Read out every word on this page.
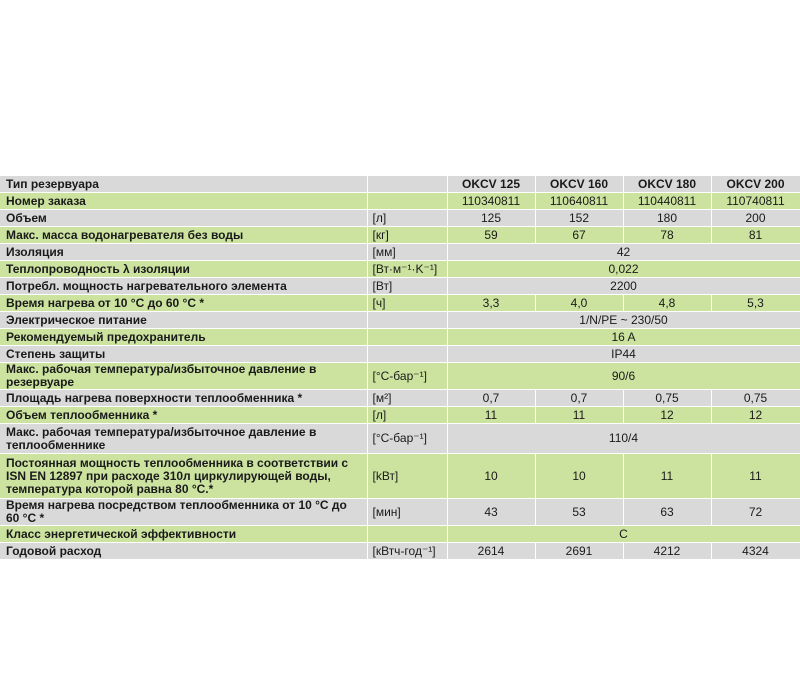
Тип резервуара		OKCV 125	OKCV 160	OKCV 180	OKCV 200
Номер заказа		110340811	110640811	110440811	110740811
Объем	[л]	125	152	180	200
Макс. масса водонагревателя без воды	[кг]	59	67	78	81
Изоляция	[мм]	42			
Теплопроводность λ изоляции	[Вт·м⁻¹·K⁻¹]	0,022			
Потребл. мощность нагревательного элемента	[Вт]	2200			
Время нагрева от 10 °C до 60 °C *	[ч]	3,3	4,0	4,8	5,3
Электрическое питание		1/N/PE ~ 230/50			
Рекомендуемый предохранитель		16 A			
Степень защиты		IP44			
Макс. рабочая температура/избыточное давление в резервуаре	[°C-бар⁻¹]	90/6			
Площадь нагрева поверхности теплообменника *	[м²]	0,7	0,7	0,75	0,75
Объем теплообменника *	[л]	11	11	12	12
Макс. рабочая температура/избыточное давление в теплообменнике	[°C-бар⁻¹]	110/4			
Постоянная мощность теплообменника в соответствии с ISN EN 12897 при расходе 310л циркулирующей воды, температура которой равна 80 °C.*	[kВт]	10	10	11	11
Время нагрева посредством теплообменника от 10 °C до 60 °C *	[мин]	43	53	63	72
Класс энергетической эффективности		C			
Годовой расход	[кВтч-год⁻¹]	2614	2691	4212	4324
